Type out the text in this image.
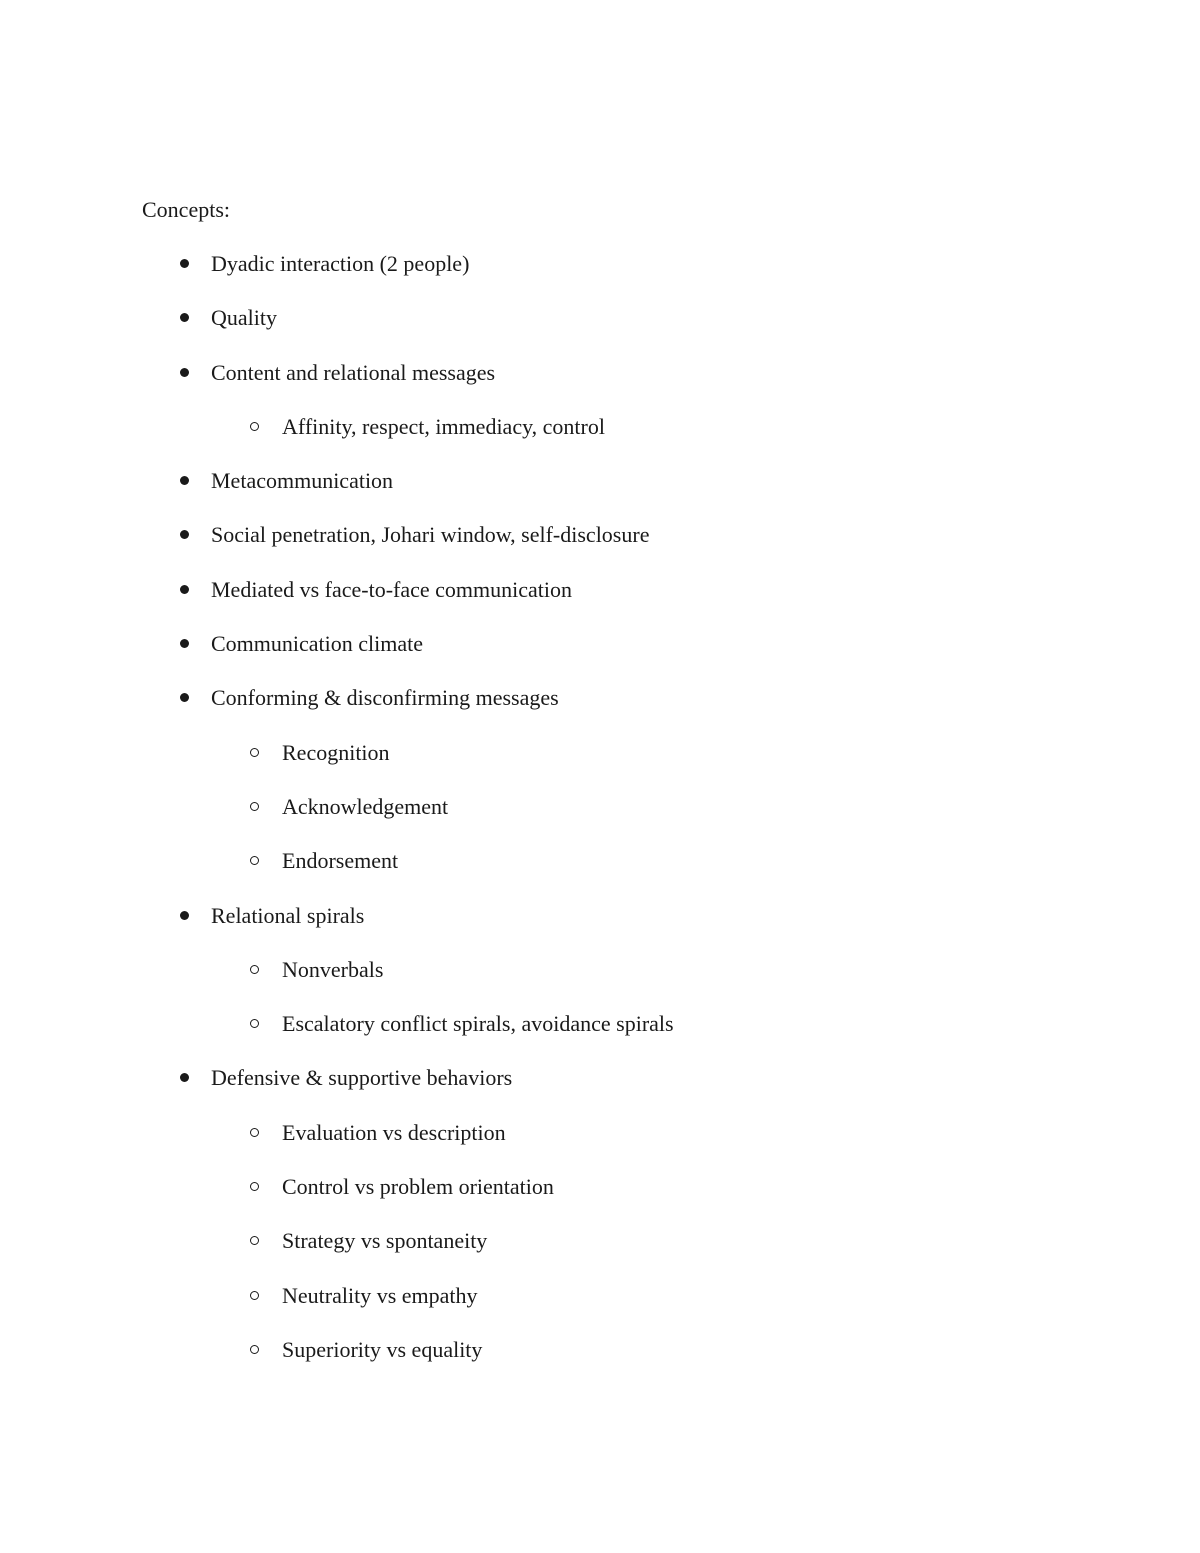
Concepts:
Dyadic interaction (2 people)
Quality
Content and relational messages
Affinity, respect, immediacy, control
Metacommunication
Social penetration, Johari window, self-disclosure
Mediated vs face-to-face communication
Communication climate
Conforming & disconfirming messages
Recognition
Acknowledgement
Endorsement
Relational spirals
Nonverbals
Escalatory conflict spirals, avoidance spirals
Defensive & supportive behaviors
Evaluation vs description
Control vs problem orientation
Strategy vs spontaneity
Neutrality vs empathy
Superiority vs equality
